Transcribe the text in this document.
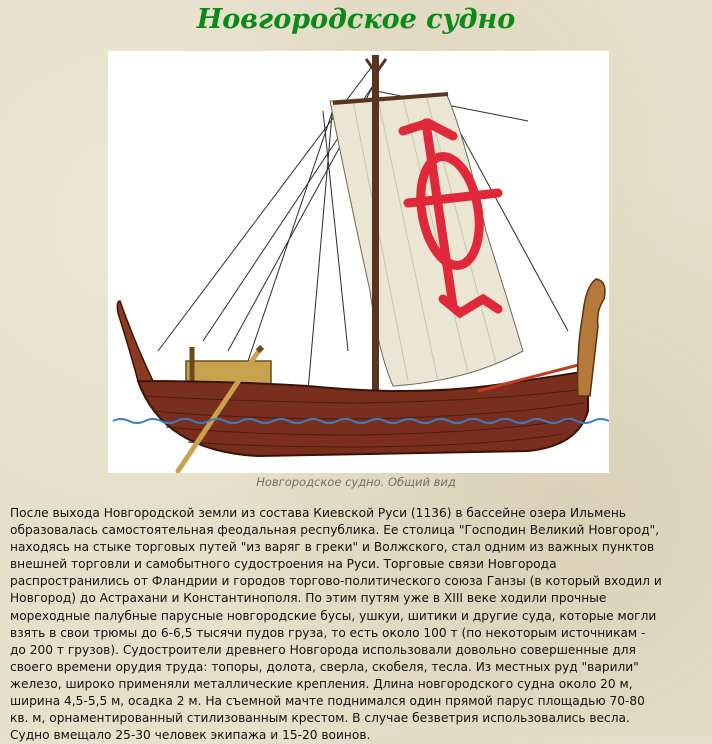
Новгородское судно
Новгородское судно. Общий вид
После выхода Новгородской земли из состава Киевской Руси (1136) в бассейне озера Ильмень
образовалась самостоятельная феодальная республика. Ее столица "Господин Великий Новгород",
находясь на стыке торговых путей "из варяг в греки" и Волжского, стал одним из важных пунктов
внешней торговли и самобытного судостроения на Руси. Торговые связи Новгорода
распространились от Фландрии и городов торгово-политического союза Ганзы (в который входил и
Новгород) до Астрахани и Константинополя. По этим путям уже в XIII веке ходили прочные
мореходные палубные парусные новгородские бусы, ушкуи, шитики и другие суда, которые могли
взять в свои трюмы до 6-6,5 тысячи пудов груза, то есть около 100 т (по некоторым источникам -
до 200 т грузов). Судостроители древнего Новгорода использовали довольно совершенные для
своего времени орудия труда: топоры, долота, сверла, скобеля, тесла. Из местных руд "варили"
железо, широко применяли металлические крепления. Длина новгородского судна около 20 м,
ширина 4,5-5,5 м, осадка 2 м. На съемной мачте поднимался один прямой парус площадью 70-80
кв. м, орнаментированный стилизованным крестом. В случае безветрия использовались весла.
Судно вмещало 25-30 человек экипажа и 15-20 воинов.
